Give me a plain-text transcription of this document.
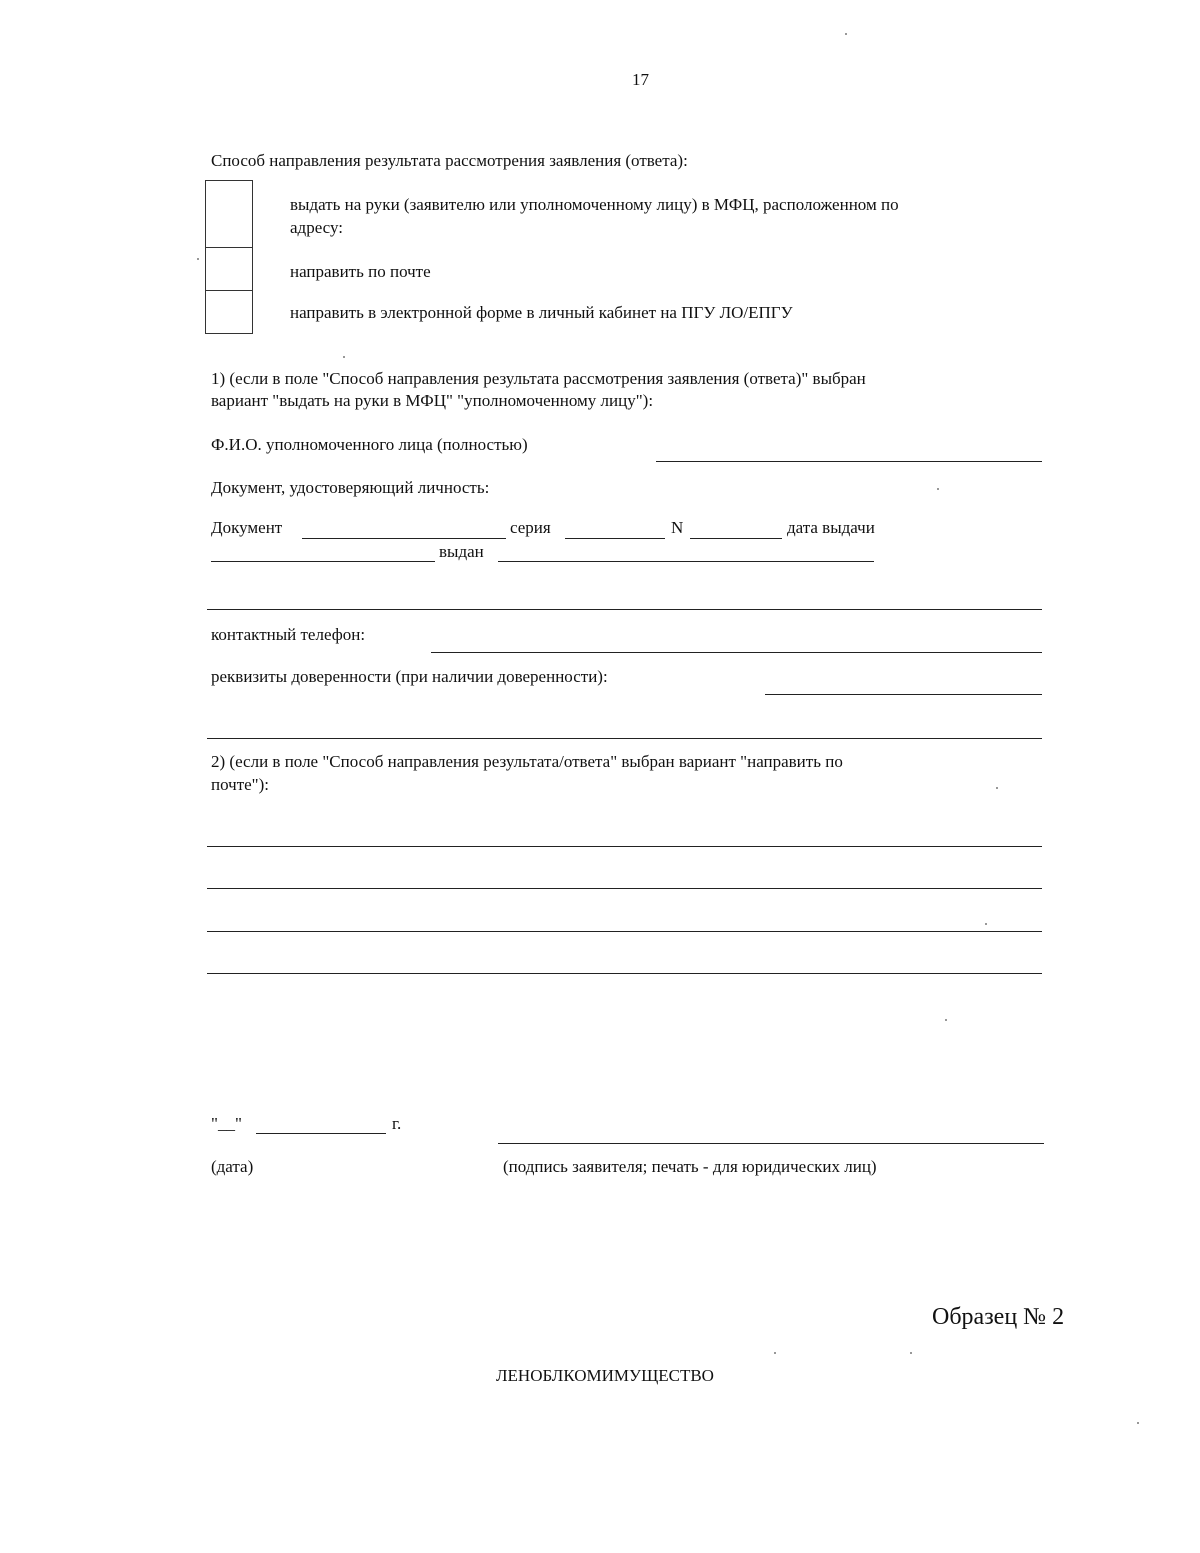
17
Способ направления результата рассмотрения заявления (ответа):
выдать на руки (заявителю или уполномоченному лицу) в МФЦ, расположенном по
адресу:
направить по почте
направить в электронной форме в личный кабинет на ПГУ ЛО/ЕПГУ
1) (если в поле "Способ направления результата рассмотрения заявления (ответа)" выбран
вариант "выдать на руки в МФЦ" "уполномоченному лицу"):
Ф.И.О. уполномоченного лица (полностью)
Документ, удостоверяющий личность:
Документ	серия	N	дата выдачи
выдан
контактный телефон:
реквизиты доверенности (при наличии доверенности):
2) (если в поле "Способ направления результата/ответа" выбран вариант "направить по
почте"):
"__"	г.
(дата)	(подпись заявителя; печать - для юридических лиц)
Образец № 2
ЛЕНОБЛКОМИМУЩЕСТВО
